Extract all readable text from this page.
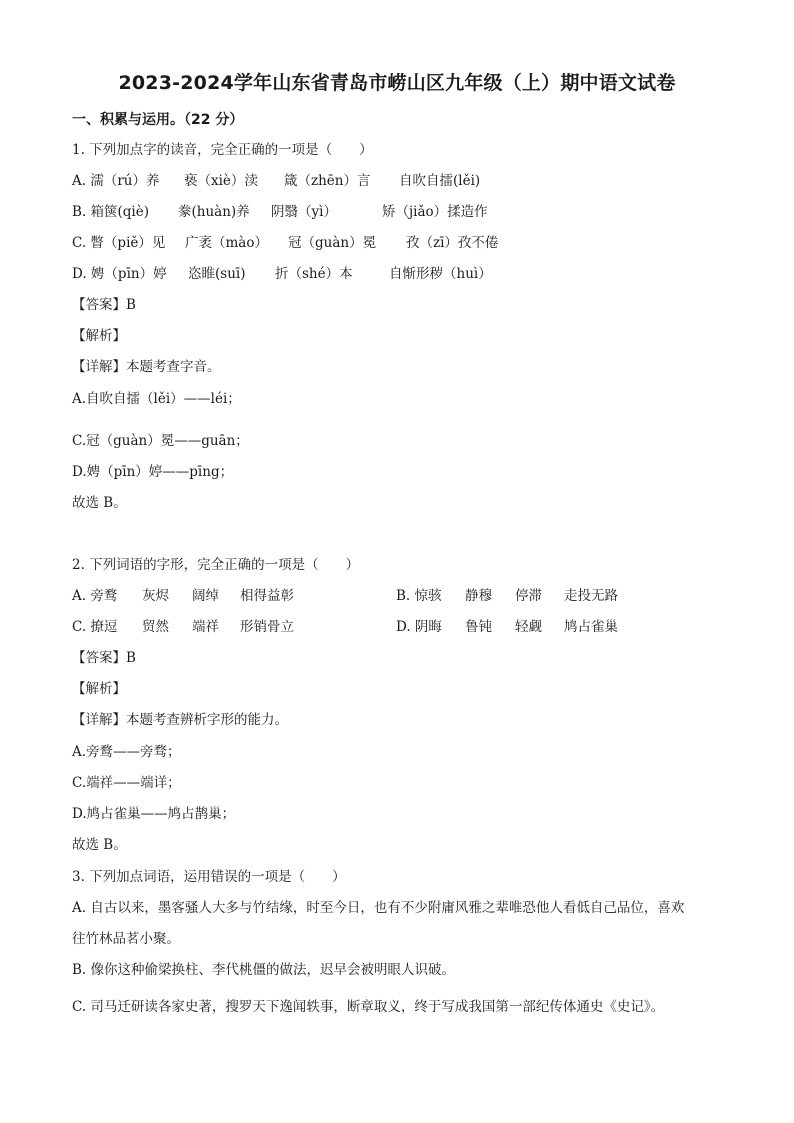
2023-2024学年山东省青岛市崂山区九年级（上）期中语文试卷
一、积累与运用。（22 分）
1. 下列加点字的读音，完全正确的一项是（　　）
A. 濡（rú）养 亵（xiè）渎 箴（zhēn）言 自吹自擂(lěi)
B. 箱箧(qiè) 豢(huàn)养 阴翳（yì）	矫（jiǎo）揉造作
C. 瞥（piě）见 广袤（mào） 冠（guàn）冕 孜（zī）孜不倦
D. 娉（pīn）婷 恣睢(suī) 折（shé）本	自惭形秽（huì）
【答案】B
【解析】
【详解】本题考查字音。
A.自吹自擂（lěi）——léi；
C.冠（guàn）冕——guān；
D.娉（pīn）婷——pīng；
故选 B。
2. 下列词语的字形，完全正确的一项是（　　）
A. 旁鹜 灰烬 阔绰 相得益彰	B. 惊骇 静穆 停滞 走投无路
C. 撩逗 贸然 端祥 形销骨立	D. 阴晦 鲁钝 轻觑 鸠占雀巢
【答案】B
【解析】
【详解】本题考查辨析字形的能力。
A.旁鹜——旁骛；
C.端祥——端详；
D.鸠占雀巢——鸠占鹊巢；
故选 B。
3. 下列加点词语，运用错误的一项是（　　）
A. 自古以来，墨客骚人大多与竹结缘，时至今日，也有不少附庸风雅之辈唯恐他人看低自己品位，喜欢
往竹林品茗小聚。
B. 像你这种偷梁换柱、李代桃僵的做法，迟早会被明眼人识破。
C. 司马迁研读各家史著，搜罗天下逸闻轶事，断章取义，终于写成我国第一部纪传体通史《史记》。
